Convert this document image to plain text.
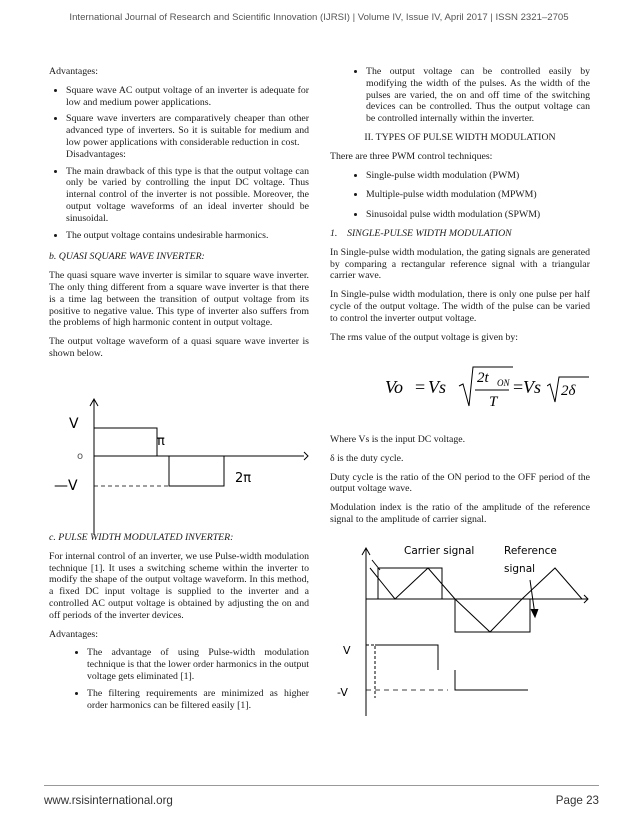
International Journal of Research and Scientific Innovation (IJRSI) | Volume IV, Issue IV, April 2017 | ISSN 2321–2705

Advantages:

• Square wave AC output voltage of an inverter is adequate for low and medium power applications.
• Square wave inverters are comparatively cheaper than other advanced type of inverters. So it is suitable for medium and low power applications with considerable reduction in cost.
Disadvantages:
• The main drawback of this type is that the output voltage can only be varied by controlling the input DC voltage. Thus internal control of the inverter is not possible. Moreover, the output voltage waveforms of an ideal inverter should be sinusoidal.
• The output voltage contains undesirable harmonics.

b. QUASI SQUARE WAVE INVERTER:

The quasi square wave inverter is similar to square wave inverter. The only thing different from a square wave inverter is that there is a time lag between the transition of output voltage from its positive to negative value. This type of inverter also suffers from the problems of high harmonic content in output voltage.

The output voltage waveform of a quasi square wave inverter is shown below.

V
o
—V
π
2π

c. PULSE WIDTH MODULATED INVERTER:

For internal control of an inverter, we use Pulse-width modulation technique [1]. It uses a switching scheme within the inverter to modify the shape of the output voltage waveform. In this method, a fixed DC input voltage is supplied to the inverter and a controlled AC output voltage is obtained by adjusting the on and off periods of the inverter devices.

Advantages:

• The advantage of using Pulse-width modulation technique is that the lower order harmonics in the output voltage gets eliminated [1].
• The filtering requirements are minimized as higher order harmonics can be filtered easily [1].
• The output voltage can be controlled easily by modifying the width of the pulses. As the width of the pulses are varied, the on and off time of the switching devices can be controlled. Thus the output voltage can be controlled internally within the inverter.

II. TYPES OF PULSE WIDTH MODULATION

There are three PWM control techniques:

• Single-pulse width modulation (PWM)
• Multiple-pulse width modulation (MPWM)
• Sinusoidal pulse width modulation (SPWM)

1.    SINGLE-PULSE WIDTH MODULATION

In Single-pulse width modulation, the gating signals are generated by comparing a rectangular reference signal with a triangular carrier wave.

In Single-pulse width modulation, there is only one pulse per half cycle of the output voltage. The width of the pulse can be varied to control the inverter output voltage.

The rms value of the output voltage is given by:

Vo = Vs 2t ON
T
= Vs 2δ

Where Vs is the input DC voltage.

δ is the duty cycle.

Duty cycle is the ratio of the ON period to the OFF period of the output voltage wave.

Modulation index is the ratio of the amplitude of the reference signal to the amplitude of carrier signal.

Carrier signal	Reference
signal
V
-V
www.rsisinternational.org	Page 23
